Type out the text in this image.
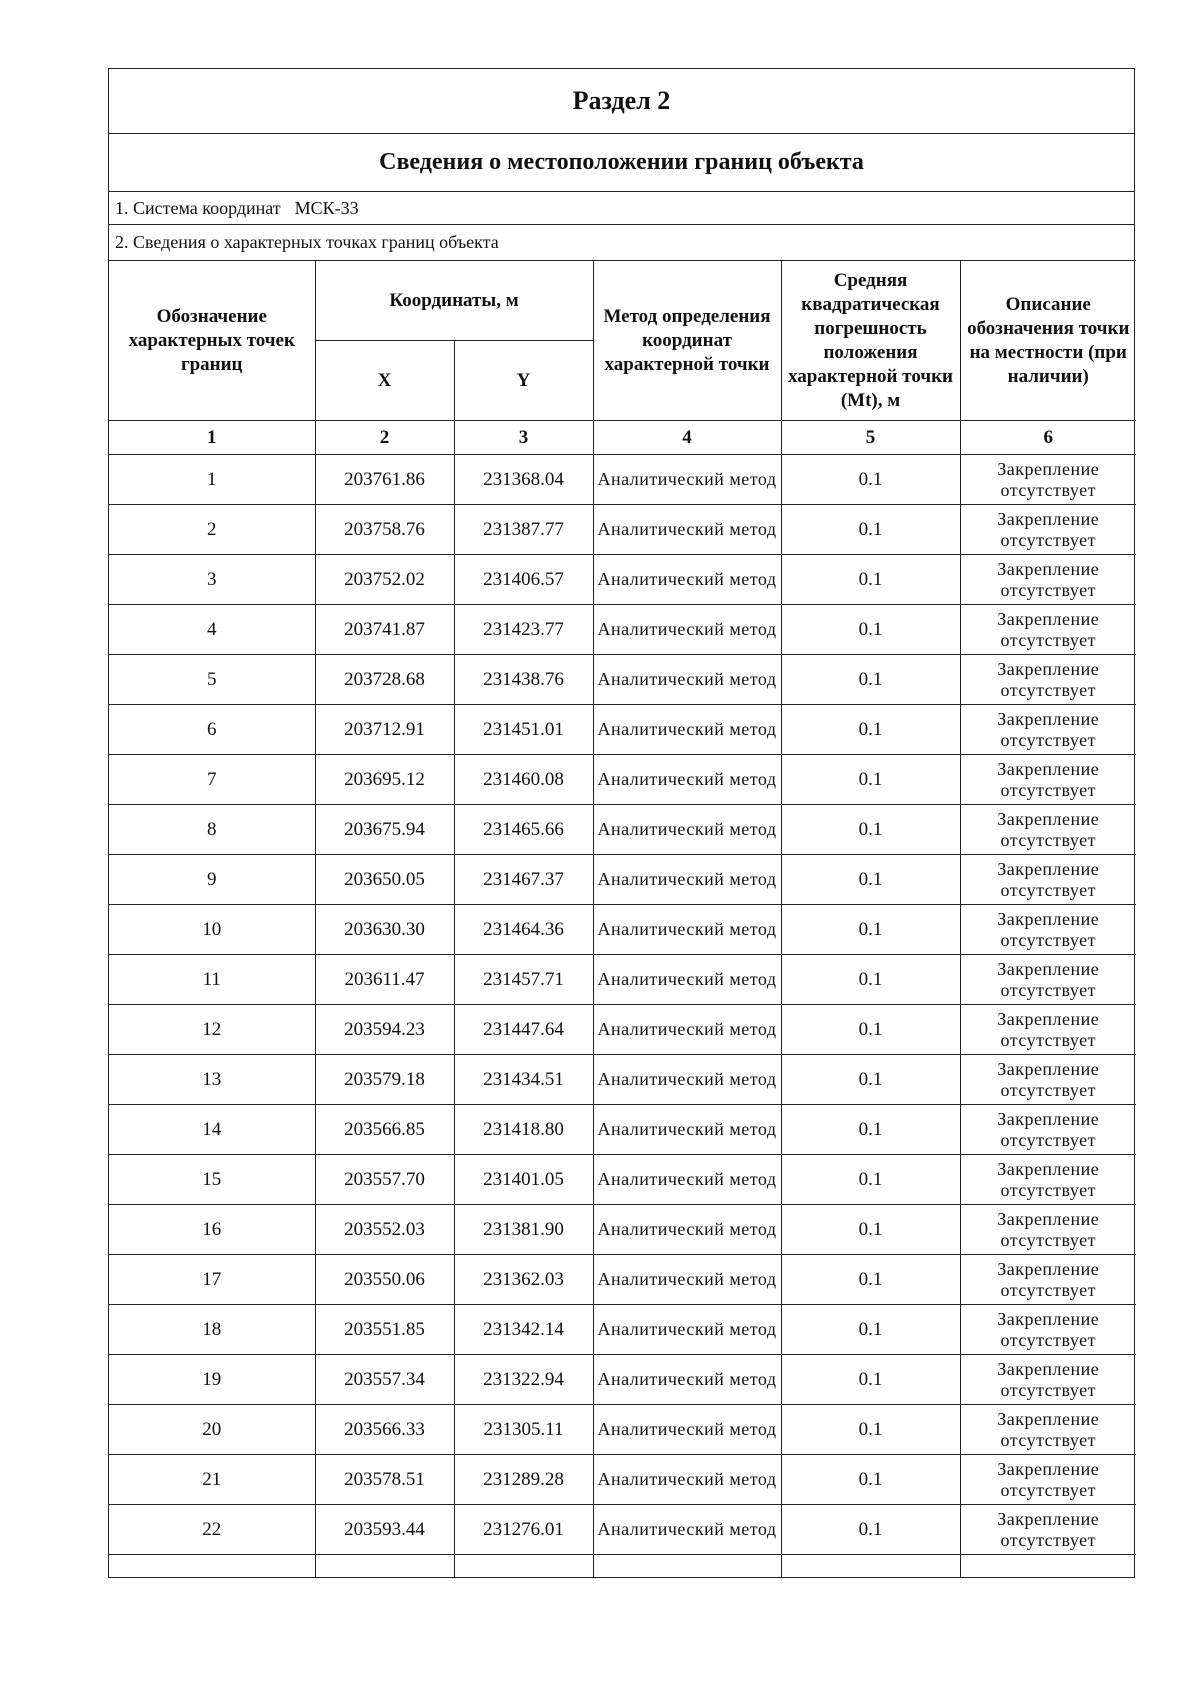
Раздел 2
Сведения о местоположении границ объекта
1. Система координат МСК-33
2. Сведения о характерных точках границ объекта
Обозначение характерных точек границ	Координаты, м		Метод определения координат характерной точки	Средняя квадратическая погрешность положения характерной точки (Mt), м	Описание обозначения точки на местности (при наличии)
	X	Y			
1	2	3	4	5	6
1	203761.86	231368.04	Аналитический метод	0.1	Закрепление отсутствует
2	203758.76	231387.77	Аналитический метод	0.1	Закрепление отсутствует
3	203752.02	231406.57	Аналитический метод	0.1	Закрепление отсутствует
4	203741.87	231423.77	Аналитический метод	0.1	Закрепление отсутствует
5	203728.68	231438.76	Аналитический метод	0.1	Закрепление отсутствует
6	203712.91	231451.01	Аналитический метод	0.1	Закрепление отсутствует
7	203695.12	231460.08	Аналитический метод	0.1	Закрепление отсутствует
8	203675.94	231465.66	Аналитический метод	0.1	Закрепление отсутствует
9	203650.05	231467.37	Аналитический метод	0.1	Закрепление отсутствует
10	203630.30	231464.36	Аналитический метод	0.1	Закрепление отсутствует
11	203611.47	231457.71	Аналитический метод	0.1	Закрепление отсутствует
12	203594.23	231447.64	Аналитический метод	0.1	Закрепление отсутствует
13	203579.18	231434.51	Аналитический метод	0.1	Закрепление отсутствует
14	203566.85	231418.80	Аналитический метод	0.1	Закрепление отсутствует
15	203557.70	231401.05	Аналитический метод	0.1	Закрепление отсутствует
16	203552.03	231381.90	Аналитический метод	0.1	Закрепление отсутствует
17	203550.06	231362.03	Аналитический метод	0.1	Закрепление отсутствует
18	203551.85	231342.14	Аналитический метод	0.1	Закрепление отсутствует
19	203557.34	231322.94	Аналитический метод	0.1	Закрепление отсутствует
20	203566.33	231305.11	Аналитический метод	0.1	Закрепление отсутствует
21	203578.51	231289.28	Аналитический метод	0.1	Закрепление отсутствует
22	203593.44	231276.01	Аналитический метод	0.1	Закрепление отсутствует
